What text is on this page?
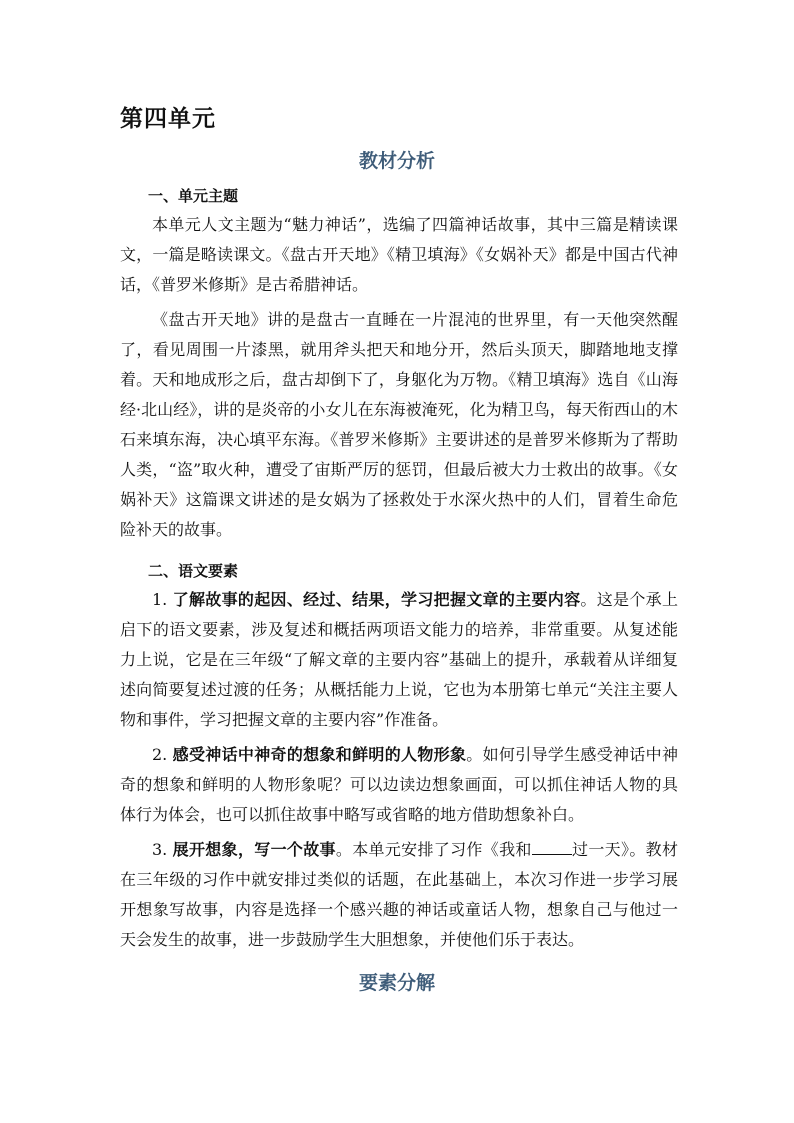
第四单元
教材分析
一、单元主题

本单元人文主题为“魅力神话”，选编了四篇神话故事，其中三篇是精读课文，一篇是略读课文。《盘古开天地》《精卫填海》《女娲补天》都是中国古代神话，《普罗米修斯》是古希腊神话。

《盘古开天地》讲的是盘古一直睡在一片混沌的世界里，有一天他突然醒了，看见周围一片漆黑，就用斧头把天和地分开，然后头顶天，脚踏地地支撑着。天和地成形之后，盘古却倒下了，身躯化为万物。《精卫填海》选自《山海经·北山经》，讲的是炎帝的小女儿在东海被淹死，化为精卫鸟，每天衔西山的木石来填东海，决心填平东海。《普罗米修斯》主要讲述的是普罗米修斯为了帮助人类，“盗”取火种，遭受了宙斯严厉的惩罚，但最后被大力士救出的故事。《女娲补天》这篇课文讲述的是女娲为了拯救处于水深火热中的人们，冒着生命危险补天的故事。

二、语文要素

1. 了解故事的起因、经过、结果，学习把握文章的主要内容。这是个承上启下的语文要素，涉及复述和概括两项语文能力的培养，非常重要。从复述能力上说，它是在三年级“了解文章的主要内容”基础上的提升，承载着从详细复述向简要复述过渡的任务；从概括能力上说，它也为本册第七单元“关注主要人物和事件，学习把握文章的主要内容”作准备。

2. 感受神话中神奇的想象和鲜明的人物形象。如何引导学生感受神话中神奇的想象和鲜明的人物形象呢？可以边读边想象画面，可以抓住神话人物的具体行为体会，也可以抓住故事中略写或省略的地方借助想象补白。

3. 展开想象，写一个故事。本单元安排了习作《我和	过一天》。教材在三年级的习作中就安排过类似的话题，在此基础上，本次习作进一步学习展开想象写故事，内容是选择一个感兴趣的神话或童话人物，想象自己与他过一天会发生的故事，进一步鼓励学生大胆想象，并使他们乐于表达。

要素分解
